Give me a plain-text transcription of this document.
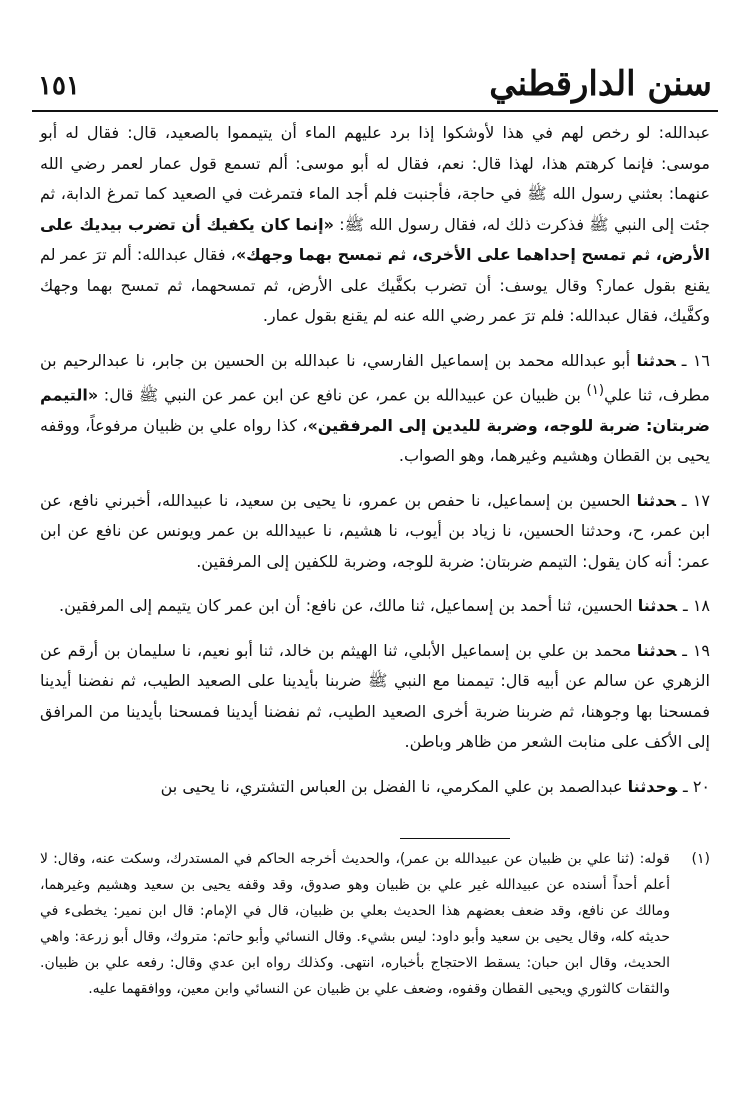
سنن الدارقطني
١٥١

عبدالله: لو رخص لهم في هذا لأوشكوا إذا برد عليهم الماء أن يتيمموا بالصعيد، قال: فقال له أبو موسى: فإنما كرهتم هذا، لهذا قال: نعم، فقال له أبو موسى: ألم تسمع قول عمار لعمر رضي الله عنهما: بعثني رسول الله ﷺ في حاجة، فأجنبت فلم أجد الماء فتمرغت في الصعيد كما تمرغ الدابة، ثم جئت إلى النبي ﷺ فذكرت ذلك له، فقال رسول الله ﷺ: «إنما كان يكفيك أن تضرب بيديك على الأرض، ثم تمسح إحداهما على الأخرى، ثم تمسح بهما وجهك»، فقال عبدالله: ألم ترَ عمر لم يقنع بقول عمار؟ وقال يوسف: أن تضرب بكفَّيك على الأرض، ثم تمسحهما، ثم تمسح بهما وجهك وكفَّيك، فقال عبدالله: فلم ترَ عمر رضي الله عنه لم يقنع بقول عمار.

١٦ ـحدثنا أبو عبدالله محمد بن إسماعيل الفارسي، نا عبدالله بن الحسين بن جابر، نا عبدالرحيم بن مطرف، ثنا علي$^{(١)}$ بن ظبيان عن عبيدالله بن عمر، عن نافع عن ابن عمر عن النبي ﷺ قال: «التيمم ضربتان: ضربة للوجه، وضربة لليدين إلى المرفقين»، كذا رواه علي بن ظبيان مرفوعاً، ووقفه يحيى بن القطان وهشيم وغيرهما، وهو الصواب.

١٧ ـحدثنا الحسين بن إسماعيل، نا حفص بن عمرو، نا يحيى بن سعيد، نا عبيدالله، أخبرني نافع، عن ابن عمر، ح، وحدثنا الحسين، نا زياد بن أيوب، نا هشيم، نا عبيدالله بن عمر ويونس عن نافع عن ابن عمر: أنه كان يقول: التيمم ضربتان: ضربة للوجه، وضربة للكفين إلى المرفقين.

١٨ ـحدثنا الحسين، ثنا أحمد بن إسماعيل، ثنا مالك، عن نافع: أن ابن عمر كان يتيمم إلى المرفقين.

١٩ ـحدثنا محمد بن علي بن إسماعيل الأبلي، ثنا الهيثم بن خالد، ثنا أبو نعيم، نا سليمان بن أرقم عن الزهري عن سالم عن أبيه قال: تيممنا مع النبي ﷺ ضربنا بأيدينا على الصعيد الطيب، ثم نفضنا أيدينا فمسحنا بها وجوهنا، ثم ضربنا ضربة أخرى الصعيد الطيب، ثم نفضنا أيدينا فمسحنا بأيدينا من المرافق إلى الأكف على منابت الشعر من ظاهر وباطن.

٢٠ ـوحدثنا عبدالصمد بن علي المكرمي، نا الفضل بن العباس التشتري، نا يحيى بن

(١)
قوله: (ثنا علي بن ظبيان عن عبيدالله بن عمر)، والحديث أخرجه الحاكم في المستدرك، وسكت عنه، وقال: لا أعلم أحداً أسنده عن عبيدالله غير علي بن ظبيان وهو صدوق، وقد وقفه يحيى بن سعيد وهشيم وغيرهما، ومالك عن نافع، وقد ضعف بعضهم هذا الحديث بعلي بن ظبيان، قال في الإمام: قال ابن نمير: يخطىء في حديثه كله، وقال يحيى بن سعيد وأبو داود: ليس بشيء. وقال النسائي وأبو حاتم: متروك، وقال أبو زرعة: واهي الحديث، وقال ابن حبان: يسقط الاحتجاج بأخباره، انتهى. وكذلك رواه ابن عدي وقال: رفعه علي بن ظبيان. والثقات كالثوري ويحيى القطان وقفوه، وضعف علي بن ظبيان عن النسائي وابن معين، ووافقهما عليه.
